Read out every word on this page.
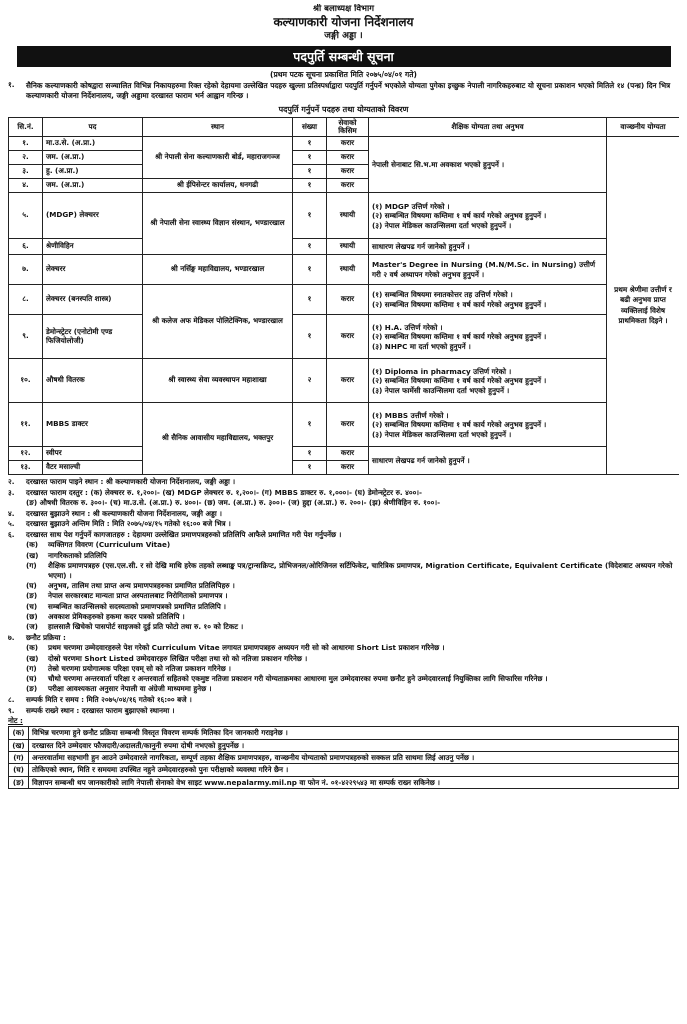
श्री बलाध्यक्ष विभाग
कल्याणकारी योजना निर्देशनालय
जङ्गी अड्डा ।
पदपुर्ति सम्बन्धी सूचना
(प्रथम पटक सूचना प्रकाशित मिति २०७५/०४/०१ गते)
१.	सैनिक कल्याणकारी कोषद्वारा सञ्चालित विभिन्न निकायहरुमा रिक्त रहेको देहायमा उल्लेखित पदहरु खुल्ला प्रतिस्पर्धाद्वारा पदपुर्ति गर्नुपर्ने भएकोले योग्यता पुगेका इच्छुक नेपाली नागरिकहरुबाट यो सूचना प्रकाशन भएको मितिले १४ (पन्ध्र) दिन भित्र कल्याणकारी योजना निर्देशनालय, जङ्गी अड्डामा दरखास्त फाराम भर्न आह्वान गरिन्छ ।
पदपुर्ति गर्नुपर्ने पदहरु तथा योग्यताको विवरण
सि.नं.	पद	स्थान	संख्या	सेवाको किसिम	शैक्षिक योग्यता तथा अनुभव	वाञ्छनीय योग्यता
१.	मा.उ.से. (अ.प्रा.)	श्री नेपाली सेना कल्याणकारी बोर्ड, महाराजगञ्ज	१	करार	नेपाली सेनाबाट सि.भ.मा अवकाश भएको हुनुपर्ने ।	प्रथम श्रेणीमा उत्तीर्ण र बढी अनुभव प्राप्त व्यक्तिलाई विशेष प्राथमिकता दिइने ।
२.	जम. (अ.प्रा.)		१	करार		
३.	हु. (अ.प्रा.)		१	करार		
४.	जम. (अ.प्रा.)	श्री ईपिसेन्टर कार्यालय, धनगढी	१	करार		
५.	(MDGP) लेक्चरर	श्री नेपाली सेना स्वास्थ्य विज्ञान संस्थान, भण्डारखाल	१	स्थायी	(१) MDGP उत्तिर्ण गरेको ।
(२) सम्बन्धित विषयमा कम्तिमा १ वर्ष कार्य गरेको अनुभव हुनुपर्ने ।
(३) नेपाल मेडिकल काउन्सिलमा दर्ता भएको हुनुपर्ने ।	

६.	श्रेणीविहिन		१	स्थायी	साधारण लेखपढ गर्न जानेको हुनुपर्ने ।	
७.	लेक्चरर	श्री नर्सिङ्ग महाविद्यालय, भण्डारखाल	१	स्थायी	Master's Degree in Nursing (M.N/M.Sc. in Nursing) उत्तीर्ण गरी २ वर्ष अध्यापन गरेको अनुभव हुनुपर्ने ।	
८.	लेक्चरर (बनस्पति शास्त्र)	श्री कलेज अफ मेडिकल पोलिटेक्निक, भण्डारखाल	१	करार	(१) सम्बन्धित विषयमा स्नातकोत्तर तह उत्तिर्ण गरेको ।
(२) सम्बन्धित विषयमा कम्तिमा १ वर्ष कार्य गरेको अनुभव हुनुपर्ने ।	

९.	डेमोन्स्ट्रेटर (एनोटोमी एण्ड फिजियोलोजी)		१	करार	(१) H.A. उत्तिर्ण गरेको ।
(२) सम्बन्धित विषयमा कम्तिमा १ वर्ष कार्य गरेको अनुभव हुनुपर्ने ।
(३) NHPC मा दर्ता भएको हुनुपर्ने ।	

१०.	औषधी वितरक	श्री स्वास्थ्य सेवा व्यवस्थापन महाशाखा	२	करार	(१) Diploma in pharmacy उत्तिर्ण गरेको ।
(२) सम्बन्धित विषयमा कम्तिमा १ वर्ष कार्य गरेको अनुभव हुनुपर्ने ।
(३) नेपाल फार्मेसी काउन्सिलमा दर्ता भएको हुनुपर्ने ।	

११.	MBBS डाक्टर	श्री सैनिक आवासीय महाविद्यालय, भक्तपुर	१	करार	(१) MBBS उत्तीर्ण गरेको ।
(२) सम्बन्धित विषयमा कम्तिमा १ वर्ष कार्य गरेको अनुभव हुनुपर्ने ।
(३) नेपाल मेडिकल काउन्सिलमा दर्ता भएको हुनुपर्ने ।	

१२.	स्वीपर		१	करार	साधारण लेखपढ गर्न जानेको हुनुपर्ने ।	
१३.	वैटर मसाल्ची		१	करार		
२.	दरखास्त फाराम पाइने स्थान : श्री कल्याणकारी योजना निर्देशनालय, जङ्गी अड्डा ।
३.	दरखास्त फाराम दस्तुर : (क) लेक्चरर रु. १,२००।- (ख) MDGP लेक्चरर रु. १,२००।- (ग) MBBS डाक्टर रु. १,०००।- (घ) डेमोन्स्ट्रेटर रु. ४००।-
(ङ) औषधी वितरक रु. ३००।- (च) मा.उ.से. (अ.प्रा.) रु. ४००।- (छ) जम. (अ.प्रा.) रु. ३००।- (ज) हुद्दा (अ.प्रा.) रु. २००।- (झ) श्रेणीविहिन रु. १००।-
४.	दरखास्त बुझाउने स्थान : श्री कल्याणकारी योजना निर्देशनालय, जङ्गी अड्डा ।
५.	दरखास्त बुझाउने अन्तिम मिति : मिति २०७५/०४/१५ गतेको १६:०० बजे भित्र ।
६.	दरखास्त साथ पेश गर्नुपर्ने कागजातहरु : देहायमा उल्लेखित प्रमाणपत्रहरुको प्रतिलिपि आफैले प्रमाणित गरी पेश गर्नुपर्नेछ ।
(क)	व्यक्तिगत विवरण (Curriculum Vitae)
(ख)	नागरिकताको प्रतिलिपि
(ग)	शैक्षिक प्रमाणपत्रहरु (एस.एल.सी. र सो देखि माथि हरेक तहको लब्धाङ्क पत्र/ट्रान्सक्रिप्ट, प्रोभिजनल/ओरिजिनल सर्टिफिकेट, चारित्रिक प्रमाणपत्र, Migration Certificate, Equivalent Certificate (विदेशबाट अध्ययन गरेको भएमा) ।
(घ)	अनुभव, तालिम तथा प्राप्त अन्य प्रमाणपत्रहरुका प्रमाणित प्रतिलिपिहरु ।
(ङ)	नेपाल सरकारबाट मान्यता प्राप्त अस्पतालबाट निरोगिताको प्रमाणपत्र ।
(च)	सम्बन्धित काउन्सिलको सदस्यताको प्रमाणपत्रको प्रमाणित प्रतिलिपि ।
(छ)	अवकाश प्रेमिकहरुको हकमा कदर पत्रको प्रतिलिपि ।
(ज)	हालसालै खिचेको पासपोर्ट साइजको दुई प्रति फोटो तथा रु. १० को टिकट ।
७.	छनौट प्रक्रिया :
(क)	प्रथम चरणमा उम्मेदवारहरुले पेश गरेको Curriculum Vitae लगायत प्रमाणपत्रहरु अध्ययन गरी सो को आधारमा Short List प्रकाशन गरिनेछ ।
(ख)	दोस्रो चरणमा Short Listed उम्मेदवारहरु लिखित परीक्षा तथा सो को नतिजा प्रकाशन गरिनेछ ।
(ग)	तेस्रो चरणमा प्रयोगात्मक परिक्षा एवम् सो को नतिजा प्रकाशन गरिनेछ ।
(घ)	चौथो चरणमा अन्तरवार्ता परिक्षा र अन्तरवार्ता सहितको एकमुष्ट नतिजा प्रकाशन गरी योग्यताक्रमका आधारमा मुल उम्मेदवारका रुपमा छनौट हुने उम्मेदवारलाई नियुक्तिका लागि सिफारिस गरिनेछ ।
(ङ)	परीक्षा आवश्यकता अनुसार नेपाली वा अंग्रेजी माध्यममा हुनेछ ।
८.	सम्पर्क मिति र समय : मिति २०७५/०४/१६ गतेको १६:०० बजे ।
९.	सम्पर्क राख्ने स्थान : दरखास्त फाराम बुझाएको स्थानमा ।
नोट :
(क)	विभिन्न चरणमा हुने छनौट प्रक्रिया सम्बन्धी विस्तृत विवरण सम्पर्क मितिका दिन जानकारी गराइनेछ ।
(ख)	दरखास्त दिने उम्मेदवार फौजदारी/अदालती/कानुनी रुपमा दोषी नभएको हुनुपर्नेछ ।
(ग)	अन्तरवार्तामा सहभागी हुन आउने उम्मेदवारले नागरिकता, सम्पूर्ण तहका शैक्षिक प्रमाणपत्रहरु, वाञ्छनीय योग्यताको प्रमाणपत्रहरुको सक्कल प्रति साथमा लिई आउनु पर्नेछ ।
(घ)	तोकिएको स्थान, मिति र समयमा उपस्थित नहुने उम्मेदवारहरुको पुनः परीक्षाको व्यवस्था गरिने छैन ।
(ङ)	विज्ञापन सम्बन्धी थप जानकारीको लागि नेपाली सेनाको वेभ साइट www.nepalarmy.mil.np वा फोन नं. ०१-४२२९५४३ मा सम्पर्क राख्न सकिनेछ ।
